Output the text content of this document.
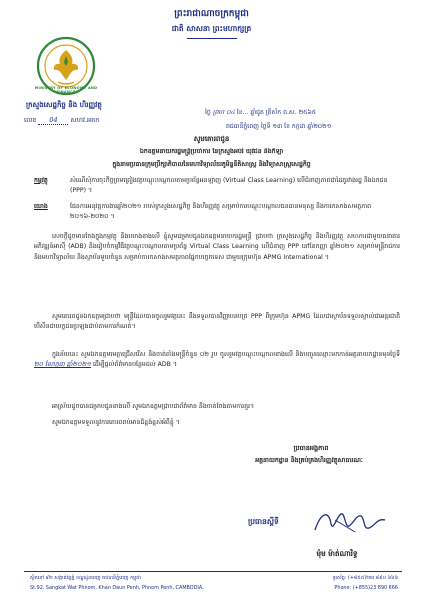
ព្រះរាជាណាចក្រកម្ពុជា
ជាតិ សាសនា ព្រះមហាក្សត្រ
MINISTRY OF ECONOMY AND FINANCE
ក្រសួងសេដ្ឋកិច្ច និង ហិរញ្ញវត្ថុ
លេខ 04 សហវ.អគក
ថ្ងៃ ព្រហ ០៤ ខែ... ឆ្នាំជូត ត្រីស័ក ព.ស. ២៥៦៥
រាជធានីភ្នំពេញ ថ្ងៃទី ១៣ ខែ កក្កដា ឆ្នាំ២០២១
សូមគោរពជូន
ឯកឧត្តមនាយករដ្ឋមន្ត្រីប្រចាំការ នៃក្រសួងអប់រំ យុវជន និងកីឡា
ក្នុងនាមប្រធានក្រុមប្រឹក្សាភិបាលនៃមហាវិទ្យាល័យភូមិន្ទនីតិសាស្ត្រ និងវិទ្យាសាស្ត្រសេដ្ឋកិច្ច
កម្មវត្ថុ	សំណើសុំការចុះកិច្ចព្រមព្រៀងវគ្គបណ្តុះបណ្តាលតាមប្រព័ន្ធអនឡាញ (Virtual Class Learning) លើជំនាញភាពជាដៃគូរវាងរដ្ឋ និងឯកជន (PPP) ។
យោង	ផែនការអនុវត្តការងារឆ្នាំ២០២១ របស់ក្រសួងសេដ្ឋកិច្ច និងហិរញ្ញវត្ថុ សម្រាប់ការបណ្តុះបណ្តាលធនធានមនុស្ស និងការកសាងសមត្ថភាព ២០១៦-២០២០ ។
សេចក្តីដូចមានចែងក្នុងកម្មវត្ថុ និងយោងខាងលើ ខ្ញុំសូមជម្រាបជូនឯកឧត្តមនាយករដ្ឋមន្ត្រី ជ្រាបថា ក្រសួងសេដ្ឋកិច្ច និងហិរញ្ញវត្ថុ សហការជាមួយធនាគារអភិវឌ្ឍន៍អាស៊ី (ADB) និងរៀបចំកម្មវិធីវគ្គបណ្តុះបណ្តាលតាមប្រព័ន្ធ Virtual Class Learning លើជំនាញ PPP នៅខែកញ្ញា ឆ្នាំ២០២១ សម្រាប់មន្ត្រីរាជការ និងមហាវិទ្យាល័យ និងស្ថាប័នមួយចំនួន សម្រាប់ការកសាងសមត្ថភាពផ្នែកបច្ចេកទេស ជាមួយក្រុមហ៊ុន APMG International ។
សូមគោរពជូនឯកឧត្តមជ្រាបថា មន្ត្រីដែលបានចូលរួមវគ្គនេះ នឹងទទួលបានវិញ្ញាបនបត្រ PPP ពីក្រុមហ៊ុន APMG ដែលជាស្ថាប័នទទួលស្គាល់ជាអន្តរជាតិ បើសិនជាបេក្ខជនប្រឡងជាប់តាមការកំណត់។
ក្នុងន័យនេះ សូមឯកឧត្តមមេត្តាជ្រើសរើស និងចាត់តាំងមន្ត្រីចំនួន ០២ រូប ចូលរួមវគ្គបណ្តុះបណ្តាលខាងលើ និងបញ្ជូនឈ្មោះមកកាន់អគ្គនាយកដ្ឋានមុនថ្ងៃទី ២០ ខែកក្កដា ឆ្នាំ២០២១ ដើម្បីផ្តល់ព័ត៌មានបន្ថែមដល់ ADB ។
អាស្រ័យដូចបានជម្រាបជូនខាងលើ សូមឯកឧត្តមជ្រាបជាព័ត៌មាន និងចាត់ចែងតាមការគួរ។
សូមឯកឧត្តមទទួលនូវការគោរពរាប់អានដ៏ខ្ពង់ខ្ពស់អំពីខ្ញុំ ។
ប្រធានអង្គភាព
អគ្គនាយកដ្ឋាន និងគ្រប់គ្រងហិរញ្ញវត្ថុសាធារណៈ
ប្រធានស្តីទី
ម៉ុម ម៉ាត់ណារិទ្ធ
ស្ថិតនៅ ៩២ សង្កាត់វត្តភ្នំ ខណ្ឌដូនពេញ រាជធានីភ្នំពេញ កម្ពុជា
St.92, Sangkat Wat Phnom, Khan Daun Penh, Phnom Penh, CAMBODIA.
ទូរស័ព្ទ: (+៨៥៥)២៣ ៨៩០ ៦៦៦
Phone: (+855)23 890 666
